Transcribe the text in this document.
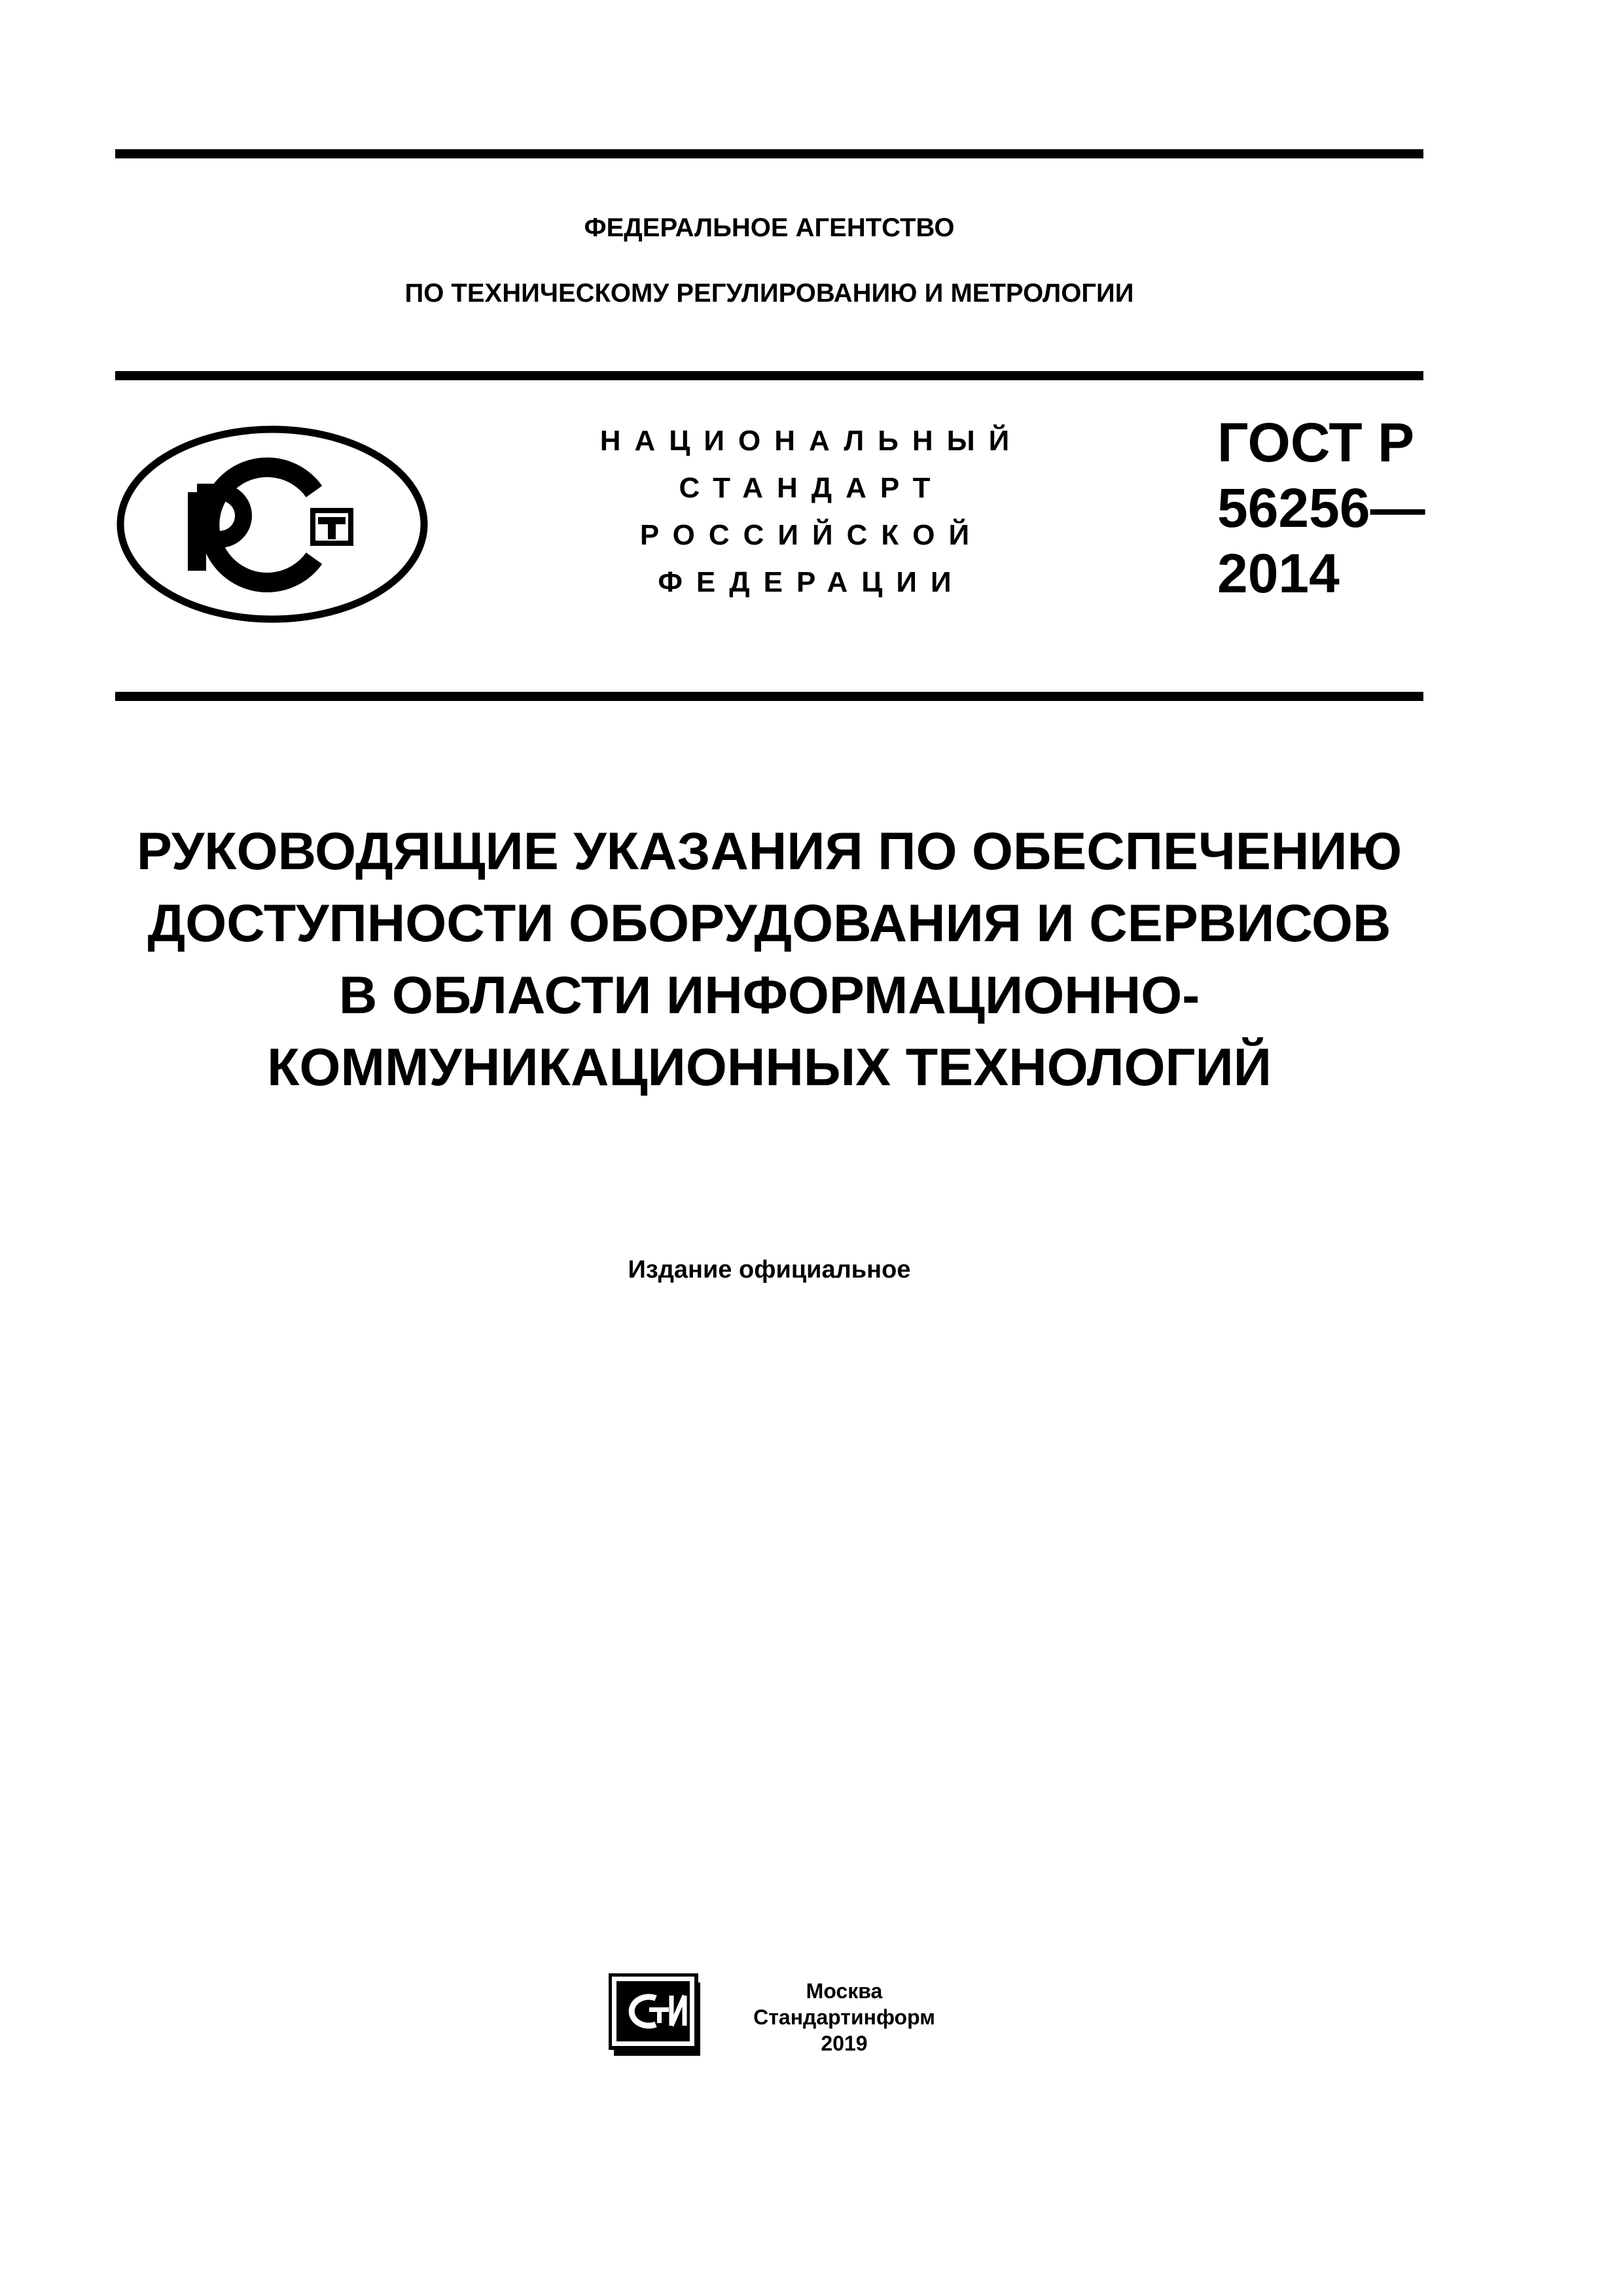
ФЕДЕРАЛЬНОЕ АГЕНТСТВО
ПО ТЕХНИЧЕСКОМУ РЕГУЛИРОВАНИЮ И МЕТРОЛОГИИ
НАЦИОНАЛЬНЫЙ
СТАНДАРТ
РОССИЙСКОЙ
ФЕДЕРАЦИИ
ГОСТ Р
56256—
2014
РУКОВОДЯЩИЕ УКАЗАНИЯ ПО ОБЕСПЕЧЕНИЮ
ДОСТУПНОСТИ ОБОРУДОВАНИЯ И СЕРВИСОВ
В ОБЛАСТИ ИНФОРМАЦИОННО-
КОММУНИКАЦИОННЫХ ТЕХНОЛОГИЙ
Издание официальное
Москва
Стандартинформ
2019
